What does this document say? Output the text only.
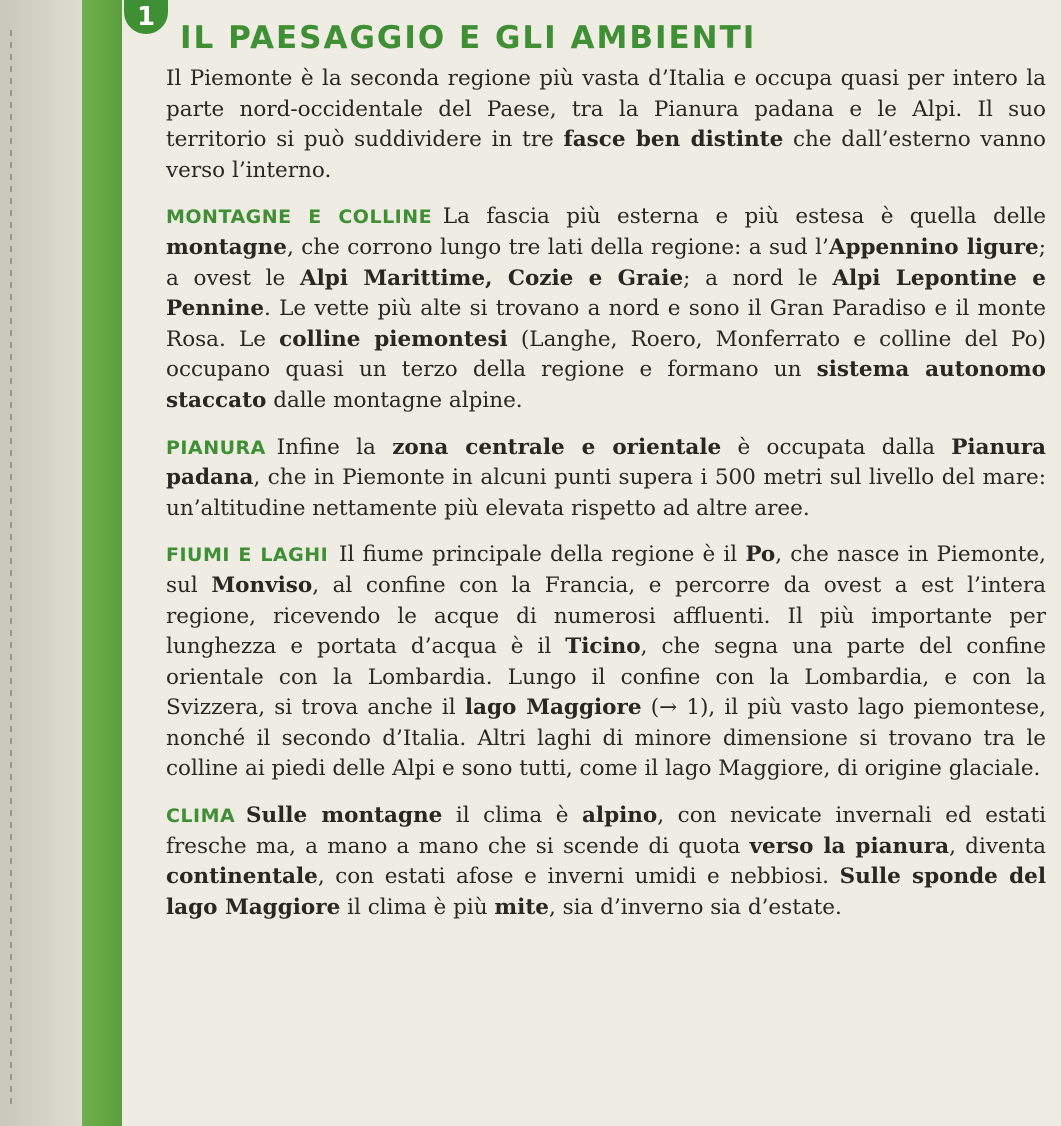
1
IL PAESAGGIO E GLI AMBIENTI

Il Piemonte è la seconda regione più vasta d’Italia e occupa quasi per intero la parte nord-occidentale del Paese, tra la Pianura padana e le Alpi. Il suo territorio si può suddividere in tre fasce ben distinte che dall’esterno vanno verso l’interno.

MONTAGNE E COLLINE  La fascia più esterna e più estesa è quella delle montagne, che corrono lungo tre lati della regione: a sud l’Appennino ligure; a ovest le Alpi Marittime, Cozie e Graie; a nord le Alpi Lepontine e Pennine. Le vette più alte si trovano a nord e sono il Gran Paradiso e il monte Rosa. Le colline piemontesi (Langhe, Roero, Monferrato e colline del Po) occupano quasi un terzo della regione e formano un sistema autonomo staccato dalle montagne alpine.

PIANURA  Infine la zona centrale e orientale è occupata dalla Pianura padana, che in Piemonte in alcuni punti supera i 500 metri sul livello del mare: un’altitudine nettamente più elevata rispetto ad altre aree.

FIUMI E LAGHI  Il fiume principale della regione è il Po, che nasce in Piemonte, sul Monviso, al confine con la Francia, e percorre da ovest a est l’intera regione, ricevendo le acque di numerosi affluenti. Il più importante per lunghezza e portata d’acqua è il Ticino, che segna una parte del confine orientale con la Lombardia. Lungo il confine con la Lombardia, e con la Svizzera, si trova anche il lago Maggiore (→ 1), il più vasto lago piemontese, nonché il secondo d’Italia. Altri laghi di minore dimensione si trovano tra le colline ai piedi delle Alpi e sono tutti, come il lago Maggiore, di origine glaciale.

CLIMA  Sulle montagne il clima è alpino, con nevicate invernali ed estati fresche ma, a mano a mano che si scende di quota verso la pianura, diventa continentale, con estati afose e inverni umidi e nebbiosi. Sulle sponde del lago Maggiore il clima è più mite, sia d’inverno sia d’estate.
